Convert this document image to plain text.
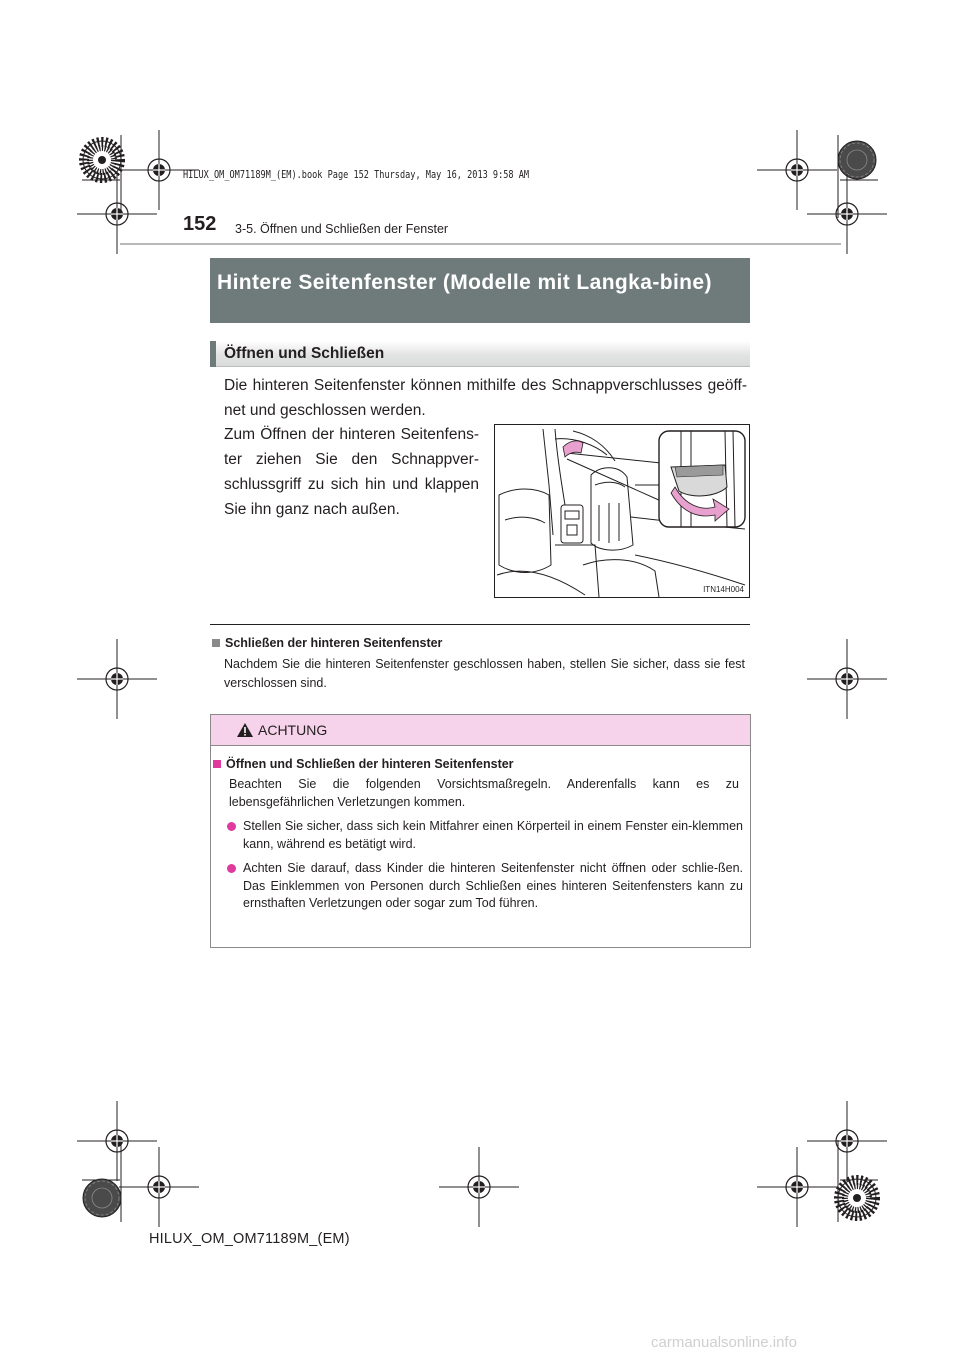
HILUX_OM_OM71189M_(EM).book Page 152 Thursday, May 16, 2013 9:58 AM
152 3-5. Öffnen und Schließen der Fenster
Hintere Seitenfenster (Modelle mit Langka-bine)
Öffnen und Schließen
Die hinteren Seitenfenster können mithilfe des Schnappverschlusses geöff-net und geschlossen werden.
Zum Öffnen der hinteren Seitenfens-ter ziehen Sie den Schnappver-schlussgriff zu sich hin und klappen Sie ihn ganz nach außen.
ITN14H004
Schließen der hinteren Seitenfenster
Nachdem Sie die hinteren Seitenfenster geschlossen haben, stellen Sie sicher, dass sie fest verschlossen sind.
ACHTUNG
Öffnen und Schließen der hinteren Seitenfenster
Beachten Sie die folgenden Vorsichtsmaßregeln. Anderenfalls kann es zu lebensgefährlichen Verletzungen kommen.
Stellen Sie sicher, dass sich kein Mitfahrer einen Körperteil in einem Fenster ein-klemmen kann, während es betätigt wird.
Achten Sie darauf, dass Kinder die hinteren Seitenfenster nicht öffnen oder schlie-ßen. Das Einklemmen von Personen durch Schließen eines hinteren Seitenfensters kann zu ernsthaften Verletzungen oder sogar zum Tod führen.
HILUX_OM_OM71189M_(EM)
carmanualsonline.info
